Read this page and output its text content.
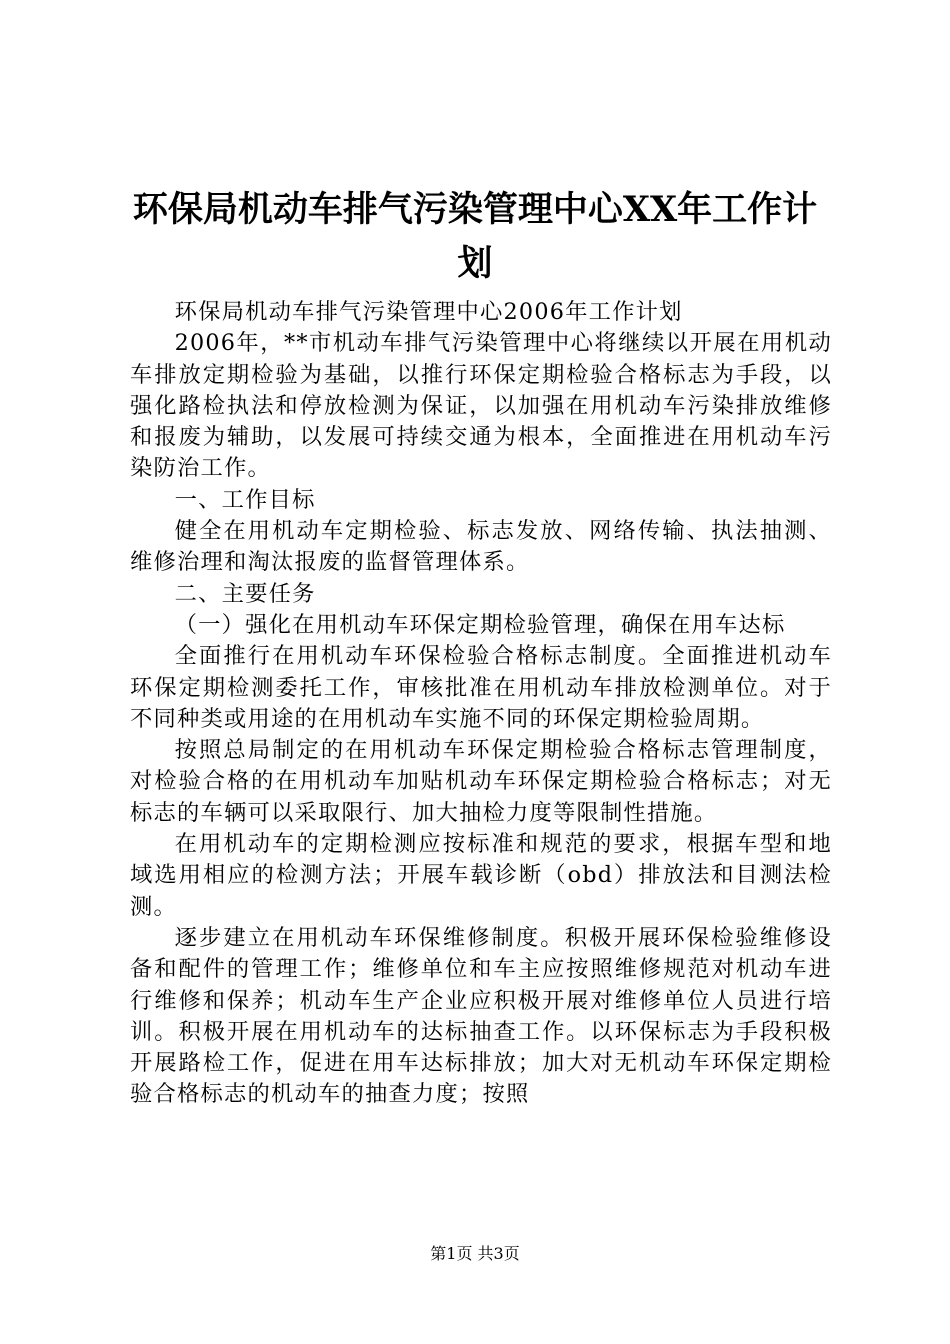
环保局机动车排气污染管理中心XX年工作计划

环保局机动车排气污染管理中心2006年工作计划

2006年，**市机动车排气污染管理中心将继续以开展在用机动车排放定期检验为基础，以推行环保定期检验合格标志为手段，以强化路检执法和停放检测为保证，以加强在用机动车污染排放维修和报废为辅助，以发展可持续交通为根本，全面推进在用机动车污染防治工作。

一、工作目标

健全在用机动车定期检验、标志发放、网络传输、执法抽测、维修治理和淘汰报废的监督管理体系。

二、主要任务

（一）强化在用机动车环保定期检验管理，确保在用车达标

全面推行在用机动车环保检验合格标志制度。全面推进机动车环保定期检测委托工作，审核批准在用机动车排放检测单位。对于不同种类或用途的在用机动车实施不同的环保定期检验周期。

按照总局制定的在用机动车环保定期检验合格标志管理制度，对检验合格的在用机动车加贴机动车环保定期检验合格标志；对无标志的车辆可以采取限行、加大抽检力度等限制性措施。

在用机动车的定期检测应按标准和规范的要求，根据车型和地域选用相应的检测方法；开展车载诊断（obd）排放法和目测法检测。

逐步建立在用机动车环保维修制度。积极开展环保检验维修设备和配件的管理工作；维修单位和车主应按照维修规范对机动车进行维修和保养；机动车生产企业应积极开展对维修单位人员进行培训。积极开展在用机动车的达标抽查工作。以环保标志为手段积极开展路检工作，促进在用车达标排放；加大对无机动车环保定期检验合格标志的机动车的抽查力度；按照

第1页 共3页
